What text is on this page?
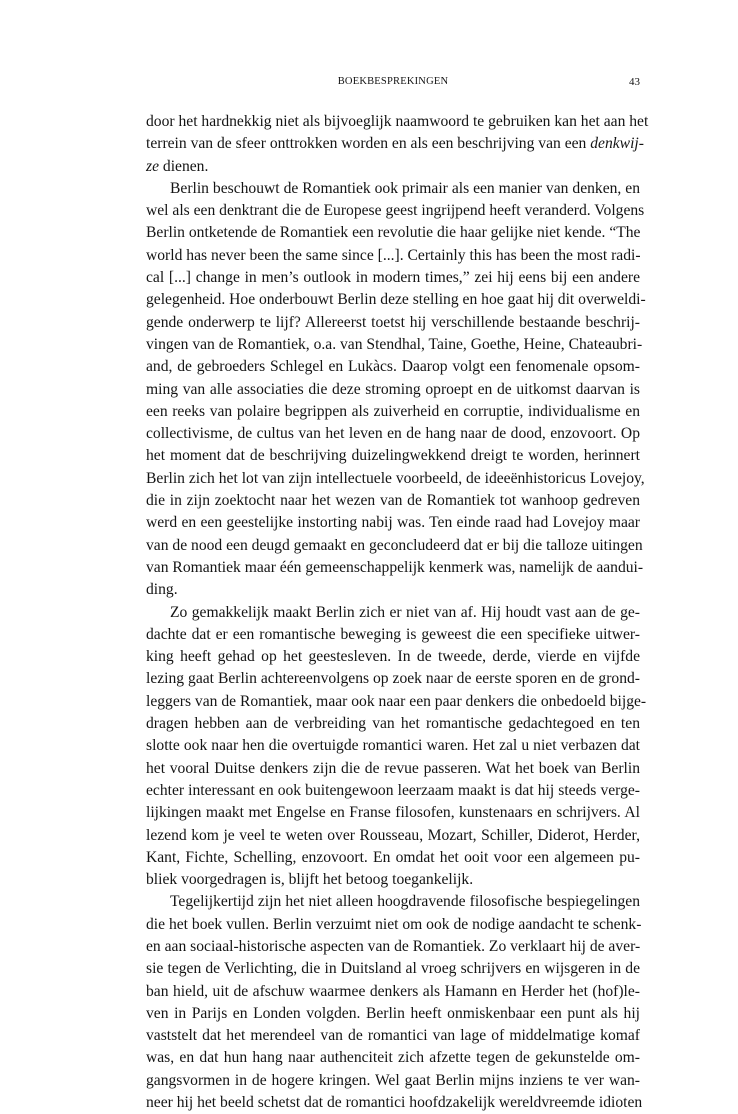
BOEKBESPREKINGEN	43
door het hardnekkig niet als bijvoeglijk naamwoord te gebruiken kan het aan het
terrein van de sfeer onttrokken worden en als een beschrijving van een denkwij-
ze dienen.
Berlin beschouwt de Romantiek ook primair als een manier van denken, en
wel als een denktrant die de Europese geest ingrijpend heeft veranderd. Volgens
Berlin ontketende de Romantiek een revolutie die haar gelijke niet kende. “The
world has never been the same since [...]. Certainly this has been the most radi-
cal [...] change in men’s outlook in modern times,” zei hij eens bij een andere
gelegenheid. Hoe onderbouwt Berlin deze stelling en hoe gaat hij dit overweldi-
gende onderwerp te lijf? Allereerst toetst hij verschillende bestaande beschrij-
vingen van de Romantiek, o.a. van Stendhal, Taine, Goethe, Heine, Chateaubri-
and, de gebroeders Schlegel en Lukàcs. Daarop volgt een fenomenale opsom-
ming van alle associaties die deze stroming oproept en de uitkomst daarvan is
een reeks van polaire begrippen als zuiverheid en corruptie, individualisme en
collectivisme, de cultus van het leven en de hang naar de dood, enzovoort. Op
het moment dat de beschrijving duizelingwekkend dreigt te worden, herinnert
Berlin zich het lot van zijn intellectuele voorbeeld, de ideeënhistoricus Lovejoy,
die in zijn zoektocht naar het wezen van de Romantiek tot wanhoop gedreven
werd en een geestelijke instorting nabij was. Ten einde raad had Lovejoy maar
van de nood een deugd gemaakt en geconcludeerd dat er bij die talloze uitingen
van Romantiek maar één gemeenschappelijk kenmerk was, namelijk de aandui-
ding.
Zo gemakkelijk maakt Berlin zich er niet van af. Hij houdt vast aan de ge-
dachte dat er een romantische beweging is geweest die een specifieke uitwer-
king heeft gehad op het geestesleven. In de tweede, derde, vierde en vijfde
lezing gaat Berlin achtereenvolgens op zoek naar de eerste sporen en de grond-
leggers van de Romantiek, maar ook naar een paar denkers die onbedoeld bijge-
dragen hebben aan de verbreiding van het romantische gedachtegoed en ten
slotte ook naar hen die overtuigde romantici waren. Het zal u niet verbazen dat
het vooral Duitse denkers zijn die de revue passeren. Wat het boek van Berlin
echter interessant en ook buitengewoon leerzaam maakt is dat hij steeds verge-
lijkingen maakt met Engelse en Franse filosofen, kunstenaars en schrijvers. Al
lezend kom je veel te weten over Rousseau, Mozart, Schiller, Diderot, Herder,
Kant, Fichte, Schelling, enzovoort. En omdat het ooit voor een algemeen pu-
bliek voorgedragen is, blijft het betoog toegankelijk.
Tegelijkertijd zijn het niet alleen hoogdravende filosofische bespiegelingen
die het boek vullen. Berlin verzuimt niet om ook de nodige aandacht te schenk-
en aan sociaal-historische aspecten van de Romantiek. Zo verklaart hij de aver-
sie tegen de Verlichting, die in Duitsland al vroeg schrijvers en wijsgeren in de
ban hield, uit de afschuw waarmee denkers als Hamann en Herder het (hof)le-
ven in Parijs en Londen volgden. Berlin heeft onmiskenbaar een punt als hij
vaststelt dat het merendeel van de romantici van lage of middelmatige komaf
was, en dat hun hang naar authenciteit zich afzette tegen de gekunstelde om-
gangsvormen in de hogere kringen. Wel gaat Berlin mijns inziens te ver wan-
neer hij het beeld schetst dat de romantici hoofdzakelijk wereldvreemde idioten
